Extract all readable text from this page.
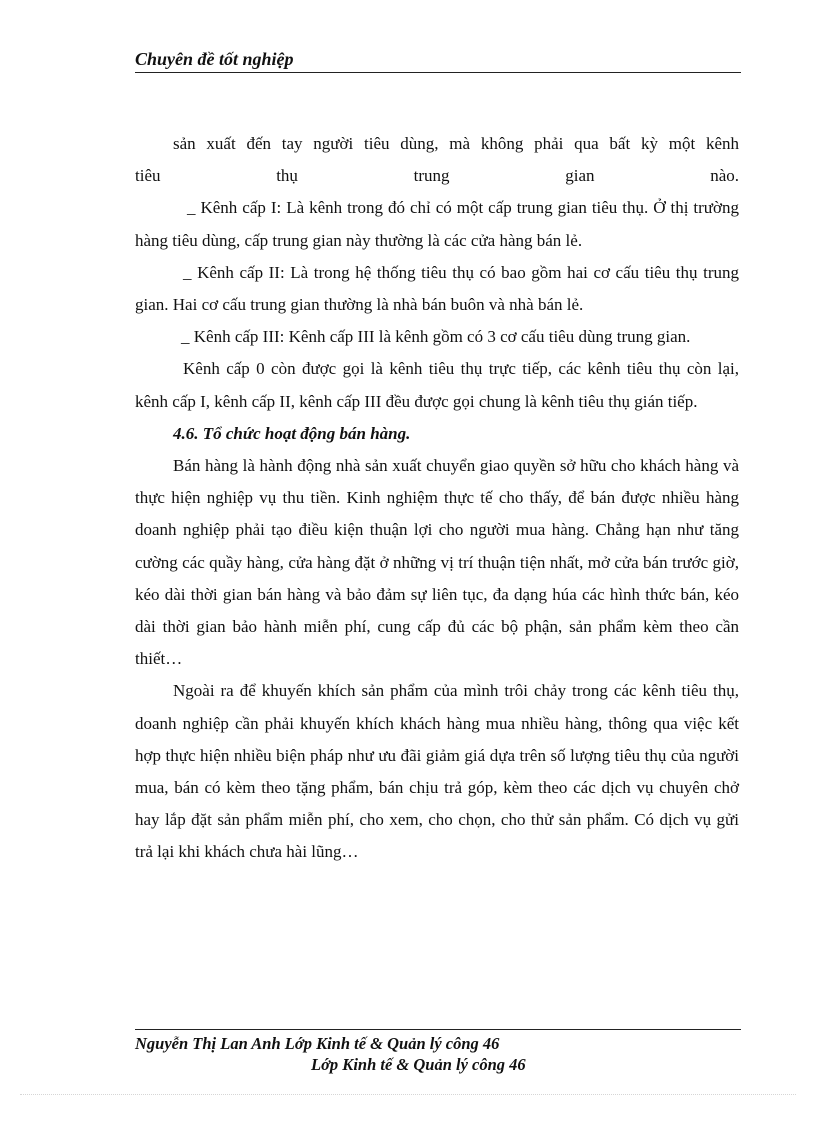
Chuyên đề tốt nghiệp

sản xuất đến tay người tiêu dùng, mà không phải qua bất kỳ một kênh

tiêu thụ trung gian nào.

_ Kênh cấp I: Là kênh trong đó chỉ có một cấp trung gian tiêu thụ. Ở thị trường hàng tiêu dùng, cấp trung gian này thường là các cửa hàng bán lẻ.

_ Kênh cấp II: Là trong hệ thống tiêu thụ có bao gồm hai cơ cấu tiêu thụ trung gian. Hai cơ cấu trung gian thường là nhà bán buôn và nhà bán lẻ.

_ Kênh cấp III: Kênh cấp III là kênh gồm có 3 cơ cấu tiêu dùng trung gian.

Kênh cấp 0 còn được gọi là kênh tiêu thụ trực tiếp, các kênh tiêu thụ còn lại, kênh cấp I, kênh cấp II, kênh cấp III đều được gọi chung là kênh tiêu thụ gián tiếp.

4.6. Tổ chức hoạt động bán hàng.

Bán hàng là hành động nhà sản xuất chuyển giao quyền sở hữu cho khách hàng và thực hiện nghiệp vụ thu tiền. Kinh nghiệm thực tế cho thấy, để bán được nhiều hàng doanh nghiệp phải tạo điều kiện thuận lợi cho người mua hàng. Chẳng hạn như tăng cường các quầy hàng, cửa hàng đặt ở những vị trí thuận tiện nhất, mở cửa bán trước giờ, kéo dài thời gian bán hàng và bảo đảm sự liên tục, đa dạng húa các hình thức bán, kéo dài thời gian bảo hành miễn phí, cung cấp đủ các bộ phận, sản phẩm kèm theo cần thiết…

Ngoài ra để khuyến khích sản phẩm của mình trôi chảy trong các kênh tiêu thụ, doanh nghiệp cần phải khuyến khích khách hàng mua nhiều hàng, thông qua việc kết hợp thực hiện nhiều biện pháp như ưu đãi giảm giá dựa trên số lượng tiêu thụ của người mua, bán có kèm theo tặng phẩm, bán chịu trả góp, kèm theo các dịch vụ chuyên chở hay lắp đặt sản phẩm miễn phí, cho xem, cho chọn, cho thử sản phẩm. Có dịch vụ gửi trả lại khi khách chưa hài lũng…

Nguyễn Thị Lan Anh Lớp Kinh tế & Quản lý công 46
Lớp Kinh tế & Quản lý công 46
